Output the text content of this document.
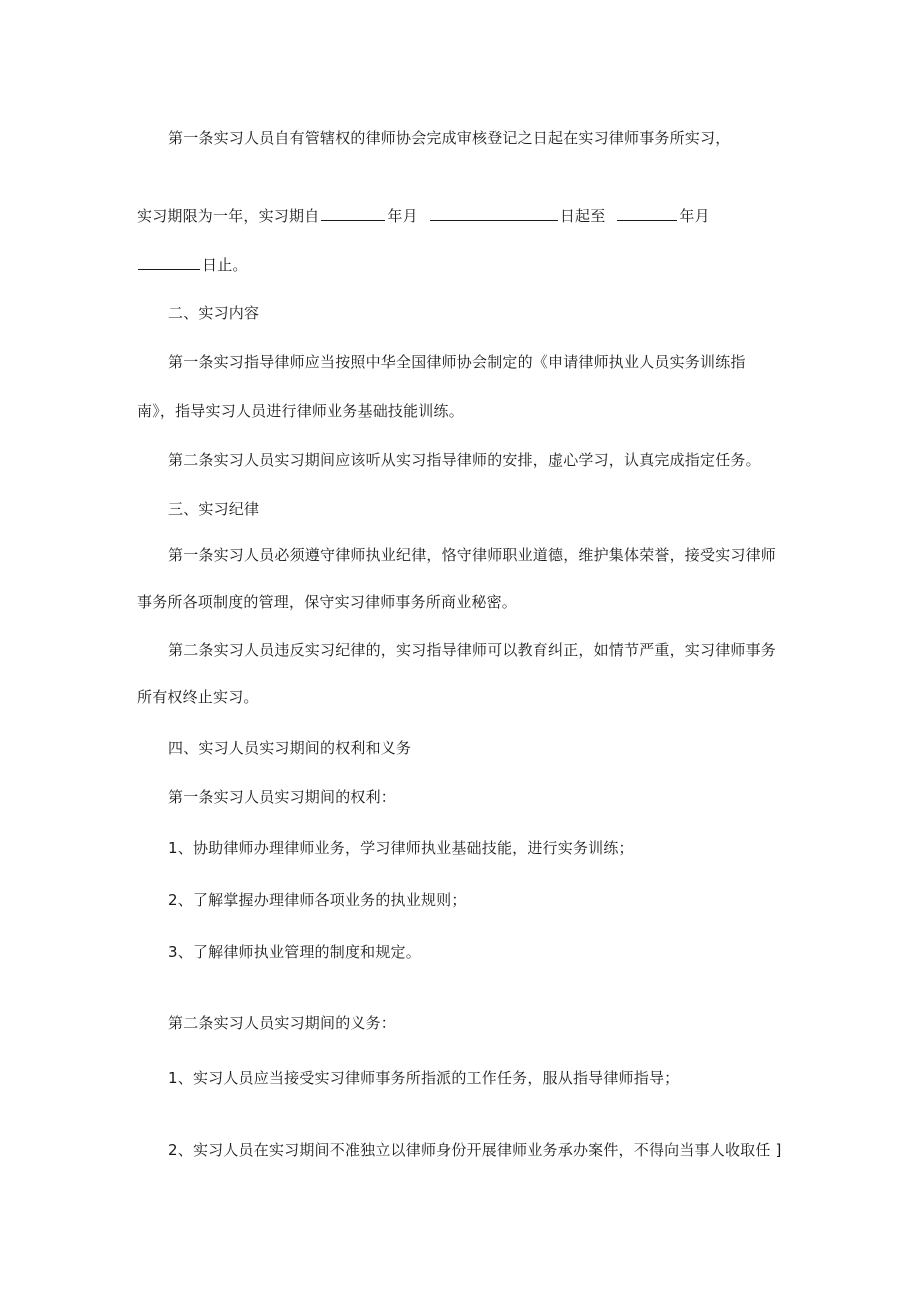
第一条实习人员自有管辖权的律师协会完成审核登记之日起在实习律师事务所实习，
实习期限为一年，实习期自	年月	日起至	年月
日止。
二、实习内容
第一条实习指导律师应当按照中华全国律师协会制定的《申请律师执业人员实务训练指
南》，指导实习人员进行律师业务基础技能训练。
第二条实习人员实习期间应该听从实习指导律师的安排，虚心学习，认真完成指定任务。
三、实习纪律
第一条实习人员必须遵守律师执业纪律，恪守律师职业道德，维护集体荣誉，接受实习律师
事务所各项制度的管理，保守实习律师事务所商业秘密。
第二条实习人员违反实习纪律的，实习指导律师可以教育纠正，如情节严重，实习律师事务
所有权终止实习。
四、实习人员实习期间的权利和义务
第一条实习人员实习期间的权利：
1、协助律师办理律师业务，学习律师执业基础技能，进行实务训练；
2、了解掌握办理律师各项业务的执业规则；
3、了解律师执业管理的制度和规定。
第二条实习人员实习期间的义务：
1、实习人员应当接受实习律师事务所指派的工作任务，服从指导律师指导；
2、实习人员在实习期间不准独立以律师身份开展律师业务承办案件，不得向当事人收取任 ]
